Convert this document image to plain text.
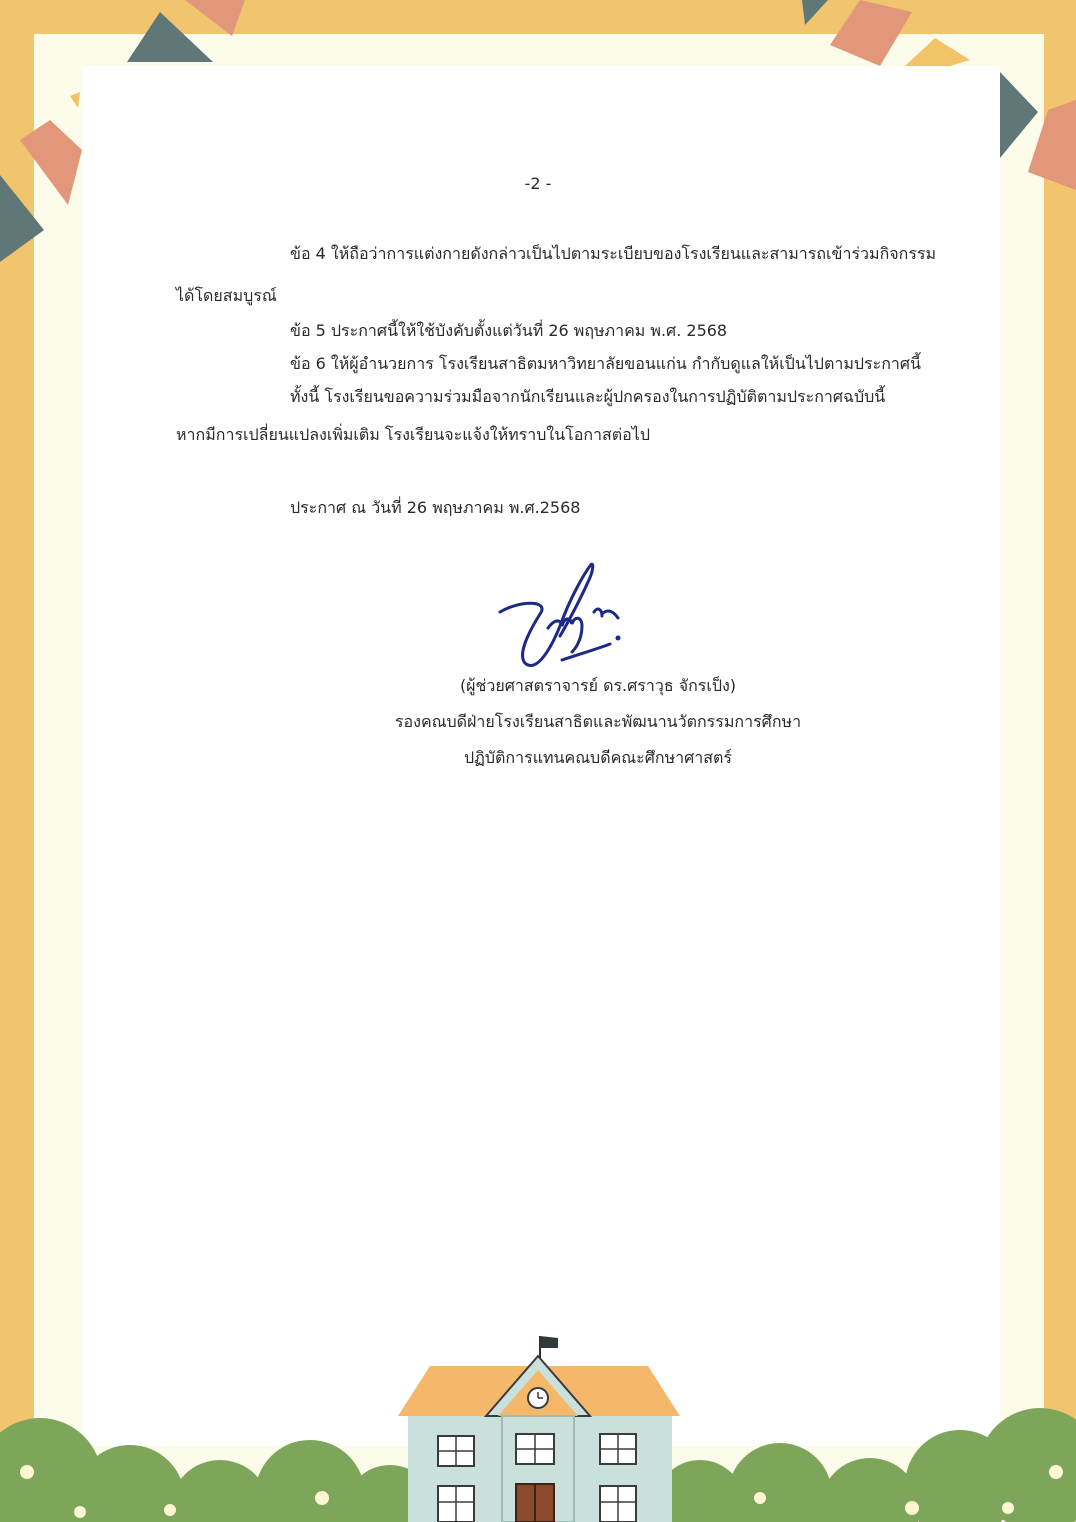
-2 -
ข้อ 4 ให้ถือว่าการแต่งกายดังกล่าวเป็นไปตามระเบียบของโรงเรียนและสามารถเข้าร่วมกิจกรรม
ได้โดยสมบูรณ์
ข้อ 5 ประกาศนี้ให้ใช้บังคับตั้งแต่วันที่ 26 พฤษภาคม พ.ศ. 2568
ข้อ 6 ให้ผู้อำนวยการ โรงเรียนสาธิตมหาวิทยาลัยขอนแก่น กำกับดูแลให้เป็นไปตามประกาศนี้
ทั้งนี้ โรงเรียนขอความร่วมมือจากนักเรียนและผู้ปกครองในการปฏิบัติตามประกาศฉบับนี้
หากมีการเปลี่ยนแปลงเพิ่มเติม โรงเรียนจะแจ้งให้ทราบในโอกาสต่อไป
ประกาศ ณ วันที่ 26 พฤษภาคม พ.ศ.2568
(ผู้ช่วยศาสตราจารย์ ดร.ศราวุธ จักรเป็ง)
รองคณบดีฝ่ายโรงเรียนสาธิตและพัฒนานวัตกรรมการศึกษา
ปฏิบัติการแทนคณบดีคณะศึกษาศาสตร์
